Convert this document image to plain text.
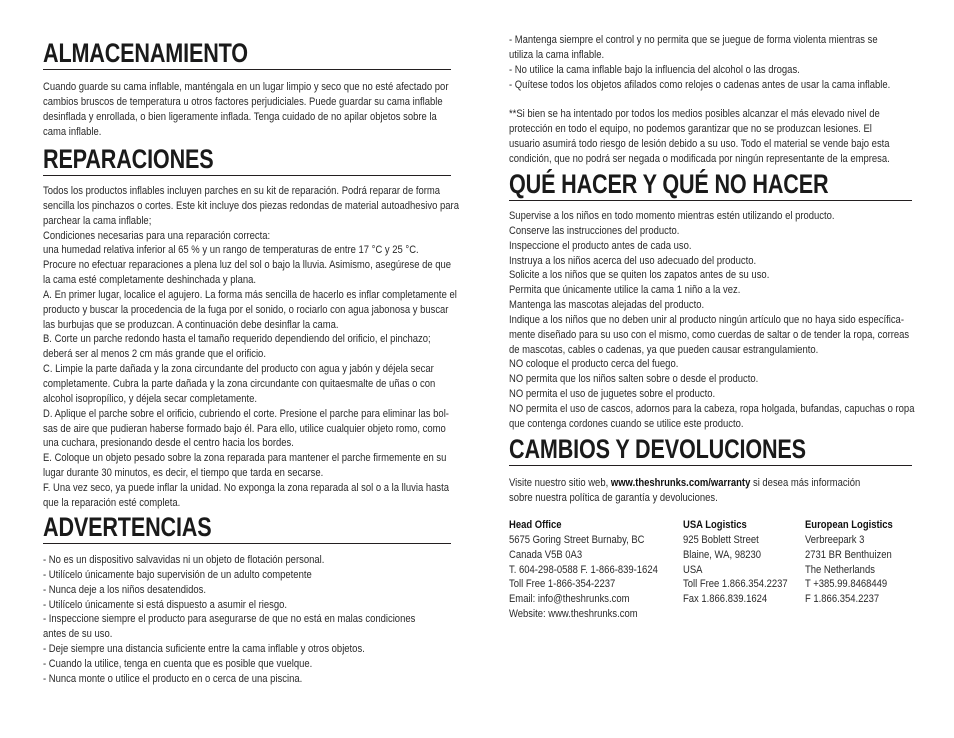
ALMACENAMIENTO
Cuando guarde su cama inflable, manténgala en un lugar limpio y seco que no esté afectado por
cambios bruscos de temperatura u otros factores perjudiciales. Puede guardar su cama inflable
desinflada y enrollada, o bien ligeramente inflada. Tenga cuidado de no apilar objetos sobre la
cama inflable.
REPARACIONES
Todos los productos inflables incluyen parches en su kit de reparación. Podrá reparar de forma
sencilla los pinchazos o cortes. Este kit incluye dos piezas redondas de material autoadhesivo para
parchear la cama inflable;
Condiciones necesarias para una reparación correcta:
una humedad relativa inferior al 65 % y un rango de temperaturas de entre 17 °C y 25 °C.
Procure no efectuar reparaciones a plena luz del sol o bajo la lluvia. Asimismo, asegúrese de que
la cama esté completamente deshinchada y plana.
A. En primer lugar, localice el agujero. La forma más sencilla de hacerlo es inflar completamente el
producto y buscar la procedencia de la fuga por el sonido, o rociarlo con agua jabonosa y buscar
las burbujas que se produzcan. A continuación debe desinflar la cama.
B. Corte un parche redondo hasta el tamaño requerido dependiendo del orificio, el pinchazo;
deberá ser al menos 2 cm más grande que el orificio.
C. Limpie la parte dañada y la zona circundante del producto con agua y jabón y déjela secar
completamente. Cubra la parte dañada y la zona circundante con quitaesmalte de uñas o con
alcohol isopropílico, y déjela secar completamente.
D. Aplique el parche sobre el orificio, cubriendo el corte. Presione el parche para eliminar las bol-
sas de aire que pudieran haberse formado bajo él. Para ello, utilice cualquier objeto romo, como
una cuchara, presionando desde el centro hacia los bordes.
E. Coloque un objeto pesado sobre la zona reparada para mantener el parche firmemente en su
lugar durante 30 minutos, es decir, el tiempo que tarda en secarse.
F. Una vez seco, ya puede inflar la unidad. No exponga la zona reparada al sol o a la lluvia hasta
que la reparación esté completa.
ADVERTENCIAS
- No es un dispositivo salvavidas ni un objeto de flotación personal.
- Utilícelo únicamente bajo supervisión de un adulto competente
- Nunca deje a los niños desatendidos.
- Utilícelo únicamente si está dispuesto a asumir el riesgo.
- Inspeccione siempre el producto para asegurarse de que no está en malas condiciones
antes de su uso.
- Deje siempre una distancia suficiente entre la cama inflable y otros objetos.
- Cuando la utilice, tenga en cuenta que es posible que vuelque.
- Nunca monte o utilice el producto en o cerca de una piscina.
- Mantenga siempre el control y no permita que se juegue de forma violenta mientras se
utiliza la cama inflable.
- No utilice la cama inflable bajo la influencia del alcohol o las drogas.
- Quítese todos los objetos afilados como relojes o cadenas antes de usar la cama inflable.
**Si bien se ha intentado por todos los medios posibles alcanzar el más elevado nivel de
protección en todo el equipo, no podemos garantizar que no se produzcan lesiones. El
usuario asumirá todo riesgo de lesión debido a su uso. Todo el material se vende bajo esta
condición, que no podrá ser negada o modificada por ningún representante de la empresa.
QUÉ HACER Y QUÉ NO HACER
Supervise a los niños en todo momento mientras estén utilizando el producto.
Conserve las instrucciones del producto.
Inspeccione el producto antes de cada uso.
Instruya a los niños acerca del uso adecuado del producto.
Solicite a los niños que se quiten los zapatos antes de su uso.
Permita que únicamente utilice la cama 1 niño a la vez.
Mantenga las mascotas alejadas del producto.
Indique a los niños que no deben unir al producto ningún artículo que no haya sido específica-
mente diseñado para su uso con el mismo, como cuerdas de saltar o de tender la ropa, correas
de mascotas, cables o cadenas, ya que pueden causar estrangulamiento.
NO coloque el producto cerca del fuego.
NO permita que los niños salten sobre o desde el producto.
NO permita el uso de juguetes sobre el producto.
NO permita el uso de cascos, adornos para la cabeza, ropa holgada, bufandas, capuchas o ropa
que contenga cordones cuando se utilice este producto.
CAMBIOS Y DEVOLUCIONES
Visite nuestro sitio web, www.theshrunks.com/warranty si desea más información
sobre nuestra política de garantía y devoluciones.
Head Office
5675 Goring Street Burnaby, BC
Canada V5B 0A3
T. 604-298-0588 F. 1-866-839-1624
Toll Free 1-866-354-2237
Email: info@theshrunks.com
Website: www.theshrunks.com
USA Logistics
925 Boblett Street
Blaine, WA, 98230
USA
Toll Free 1.866.354.2237
Fax 1.866.839.1624
European Logistics
Verbreepark 3
2731 BR Benthuizen
The Netherlands
T +385.99.8468449
F 1.866.354.2237
